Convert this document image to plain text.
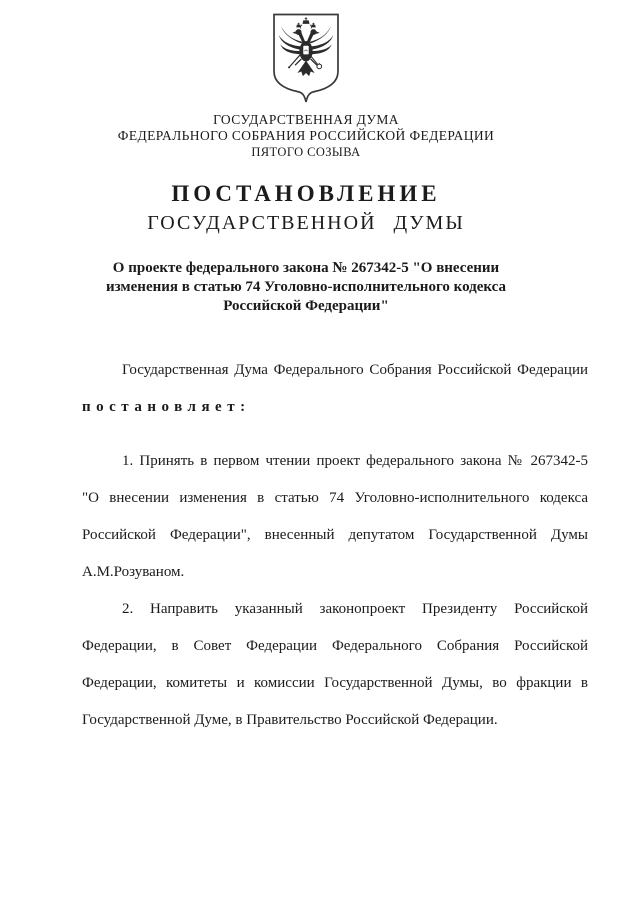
ГОСУДАРСТВЕННАЯ ДУМА
ФЕДЕРАЛЬНОГО СОБРАНИЯ РОССИЙСКОЙ ФЕДЕРАЦИИ
ПЯТОГО СОЗЫВА
ПОСТАНОВЛЕНИЕ
ГОСУДАРСТВЕННОЙ ДУМЫ
О проекте федерального закона № 267342-5 "О внесении
изменения в статью 74 Уголовно-исполнительного кодекса
Российской Федерации"
Государственная Дума Федерального Собрания Российской Федерации
постановляет:
1. Принять в первом чтении проект федерального закона № 267342-5
"О внесении изменения в статью 74 Уголовно-исполнительного кодекса
Российской Федерации", внесенный депутатом Государственной Думы
А.М.Розуваном.
2. Направить указанный законопроект Президенту Российской
Федерации, в Совет Федерации Федерального Собрания Российской
Федерации, комитеты и комиссии Государственной Думы, во фракции в
Государственной Думе, в Правительство Российской Федерации.
